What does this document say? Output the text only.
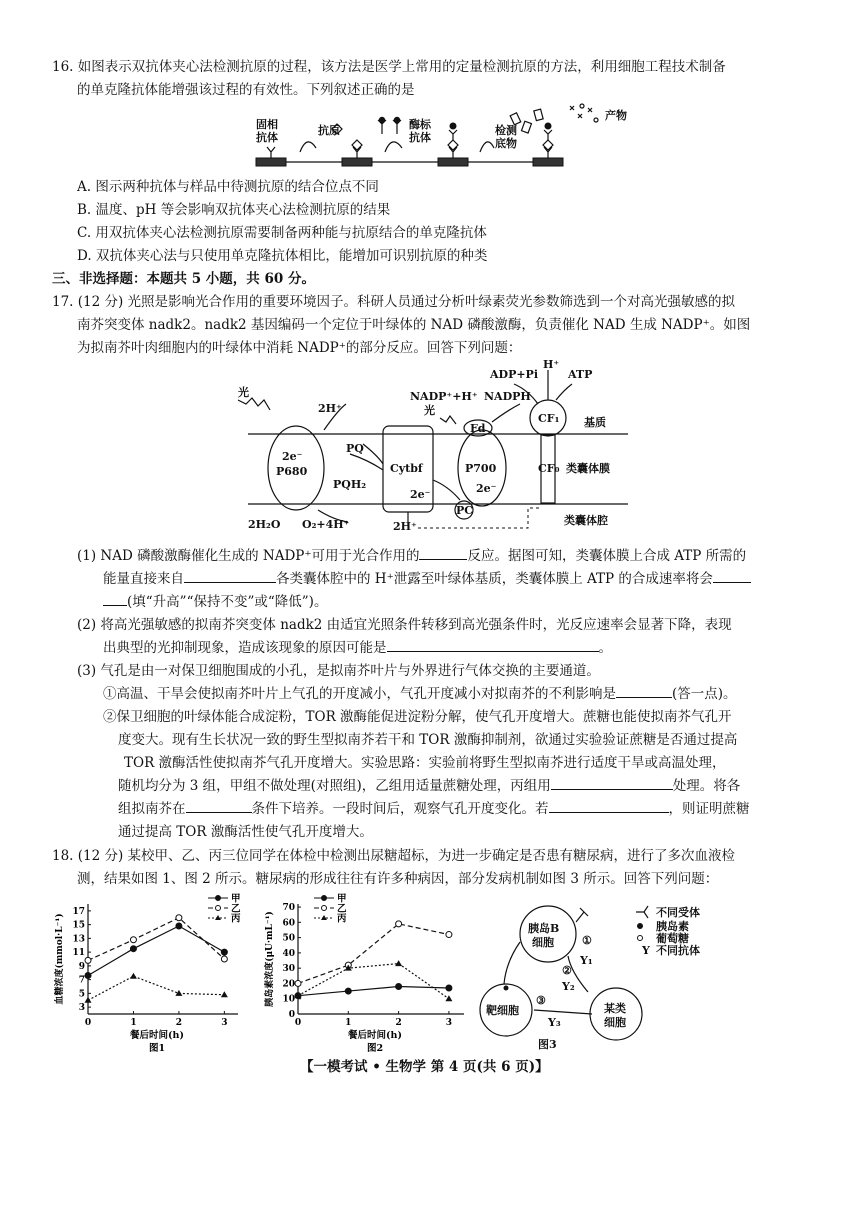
16. 如图表示双抗体夹心法检测抗原的过程，该方法是医学上常用的定量检测抗原的方法，利用细胞工程技术制备
的单克隆抗体能增强该过程的有效性。下列叙述正确的是
固相
抗体
抗原	酶标
抗体
检测
底物
产物
A. 图示两种抗体与样品中待测抗原的结合位点不同
B. 温度、pH 等会影响双抗体夹心法检测抗原的结果
C. 用双抗体夹心法检测抗原需要制备两种能与抗原结合的单克隆抗体
D. 双抗体夹心法与只使用单克隆抗体相比，能增加可识别抗原的种类
三、非选择题：本题共 5 小题，共 60 分。
17. (12 分) 光照是影响光合作用的重要环境因子。科研人员通过分析叶绿素荧光参数筛选到一个对高光强敏感的拟
南芥突变体 nadk2。nadk2 基因编码一个定位于叶绿体的 NAD 磷酸激酶，负责催化 NAD 生成 NADP⁺。如图
为拟南芥叶肉细胞内的叶绿体中消耗 NADP⁺的部分反应。回答下列问题：
光
光
2H⁺
PQ
PQH₂
2e⁻
P680	Cytbf
2e⁻
Fd
P700
2e⁻
PC
NADP⁺+H⁺ NADPH
ADP+Pi	ATP
H⁺
CF₁
CF₀
2H₂O O₂+4H⁺	2H⁺
基质
类囊体膜
类囊体腔
(1) NAD 磷酸激酶催化生成的 NADP⁺可用于光合作用的	反应。据图可知，类囊体膜上合成 ATP 所需的
能量直接来自	各类囊体腔中的 H⁺泄露至叶绿体基质，类囊体膜上 ATP 的合成速率将会
(填“升高”“保持不变”或“降低”)。
(2) 将高光强敏感的拟南芥突变体 nadk2 由适宜光照条件转移到高光强条件时，光反应速率会显著下降，表现
出典型的光抑制现象，造成该现象的原因可能是	。
(3) 气孔是由一对保卫细胞围成的小孔，是拟南芥叶片与外界进行气体交换的主要通道。
①高温、干旱会使拟南芥叶片上气孔的开度减小，气孔开度减小对拟南芥的不利影响是	(答一点)。
②保卫细胞的叶绿体能合成淀粉，TOR 激酶能促进淀粉分解，使气孔开度增大。蔗糖也能使拟南芥气孔开
度变大。现有生长状况一致的野生型拟南芥若干和 TOR 激酶抑制剂，欲通过实验验证蔗糖是否通过提高
TOR 激酶活性使拟南芥气孔开度增大。实验思路：实验前将野生型拟南芥进行适度干旱或高温处理，
随机均分为 3 组，甲组不做处理(对照组)，乙组用适量蔗糖处理，丙组用	处理。将各
组拟南芥在	条件下培养。一段时间后，观察气孔开度变化。若	，则证明蔗糖
通过提高 TOR 激酶活性使气孔开度增大。
18. (12 分) 某校甲、乙、丙三位同学在体检中检测出尿糖超标，为进一步确定是否患有糖尿病，进行了多次血液检
测，结果如图 1、图 2 所示。糖尿病的形成往往有许多种病因，部分发病机制如图 3 所示。回答下列问题：
0	1	2	3
3
5
7
9
11
13
15
17
餐后时间(h)
图1
血糖浓度(mmol·L⁻¹)
甲
乙
丙
0	1	2	3
0
10
20
30
40
50
60
70
餐后时间(h)
图2
胰岛素浓度(μU·mL⁻¹)
甲
乙
丙
胰岛B
细胞
靶细胞	某类
细胞
不同受体
胰岛素
葡萄糖
不同抗体
Y
①
②
③
Y₁
Y₂
Y₃
图3
【一模考试 • 生物学 第 4 页(共 6 页)】
